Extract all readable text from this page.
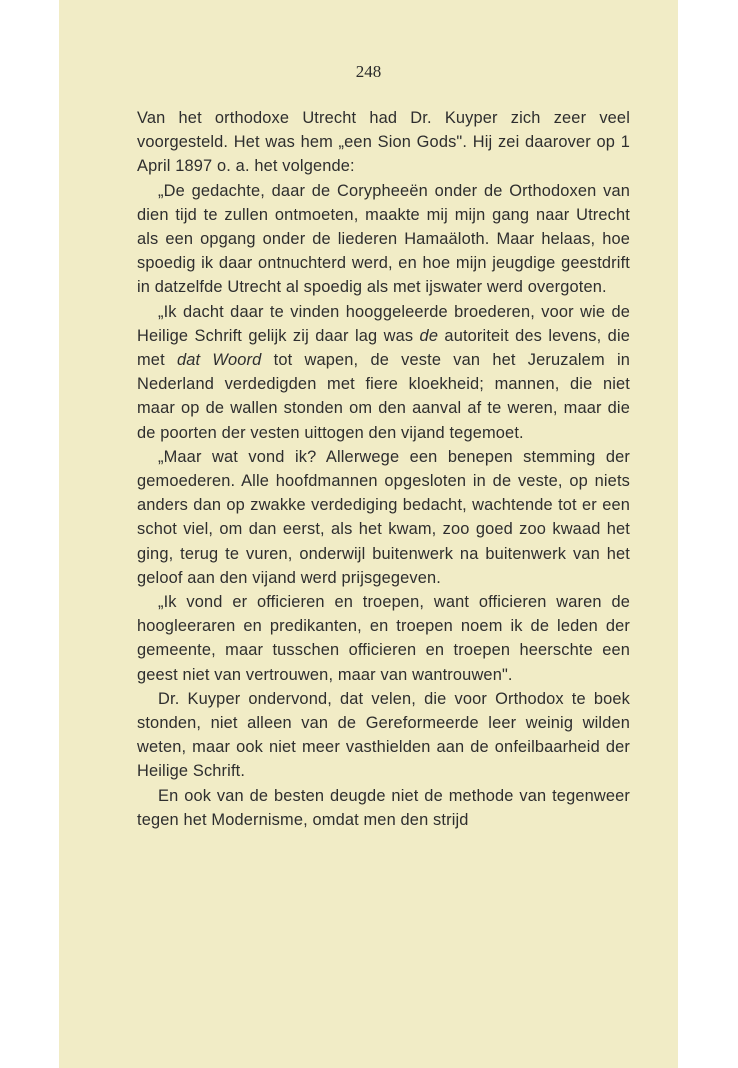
248

Van het orthodoxe Utrecht had Dr. Kuyper zich zeer veel voorgesteld. Het was hem „een Sion Gods". Hij zei daarover op 1 April 1897 o. a. het volgende:

„De gedachte, daar de Corypheeën onder de Orthodoxen van dien tijd te zullen ontmoeten, maakte mij mijn gang naar Utrecht als een opgang onder de liederen Hamaäloth. Maar helaas, hoe spoedig ik daar ontnuchterd werd, en hoe mijn jeugdige geestdrift in datzelfde Utrecht al spoedig als met ijswater werd overgoten.

„Ik dacht daar te vinden hooggeleerde broederen, voor wie de Heilige Schrift gelijk zij daar lag was de autoriteit des levens, die met dat Woord tot wapen, de veste van het Jeruzalem in Nederland verdedigden met fiere kloekheid; mannen, die niet maar op de wallen stonden om den aanval af te weren, maar die de poorten der vesten uittogen den vijand tegemoet.

„Maar wat vond ik? Allerwege een benepen stemming der gemoederen. Alle hoofdmannen opgesloten in de veste, op niets anders dan op zwakke verdediging bedacht, wachtende tot er een schot viel, om dan eerst, als het kwam, zoo goed zoo kwaad het ging, terug te vuren, onderwijl buitenwerk na buitenwerk van het geloof aan den vijand werd prijsgegeven.

„Ik vond er officieren en troepen, want officieren waren de hoogleeraren en predikanten, en troepen noem ik de leden der gemeente, maar tusschen officieren en troepen heerschte een geest niet van vertrouwen, maar van wantrouwen".

Dr. Kuyper ondervond, dat velen, die voor Orthodox te boek stonden, niet alleen van de Gereformeerde leer weinig wilden weten, maar ook niet meer vasthielden aan de onfeilbaarheid der Heilige Schrift.

En ook van de besten deugde niet de methode van tegenweer tegen het Modernisme, omdat men den strijd
